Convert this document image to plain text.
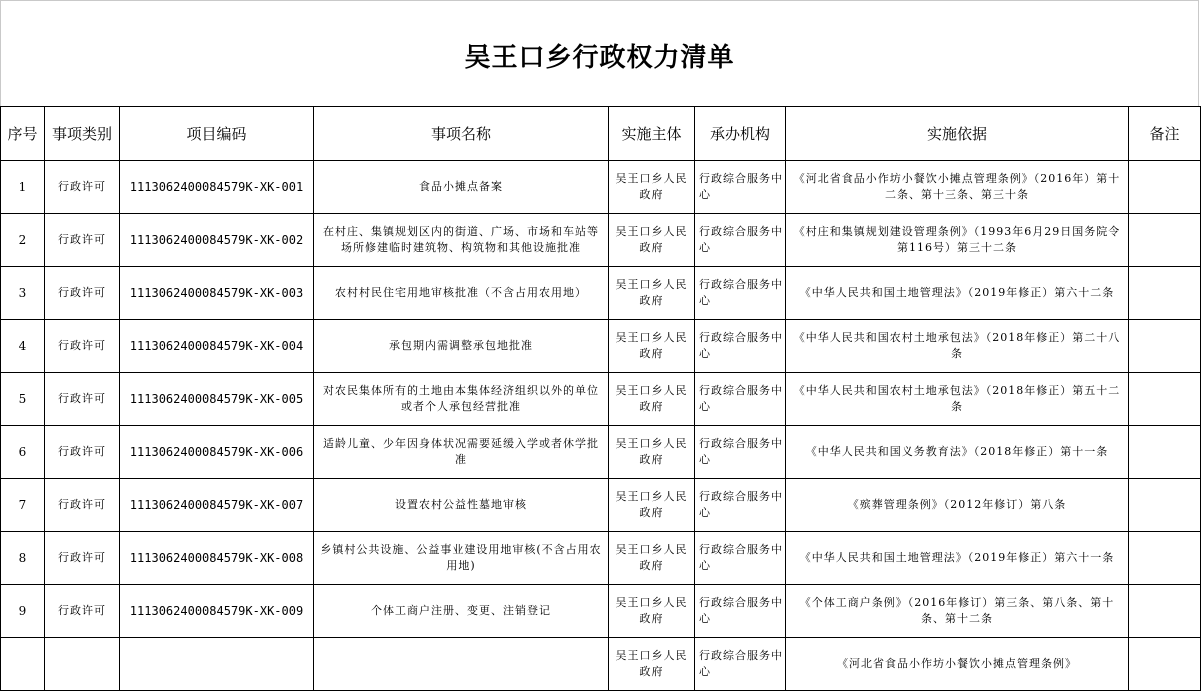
吴王口乡行政权力清单
序号	事项类别	项目编码	事项名称	实施主体	承办机构	实施依据	备注
1	行政许可	1113062400084579K-XK-001	食品小摊点备案	吴王口乡人民政府	行政综合服务中心	《河北省食品小作坊小餐饮小摊点管理条例》（2016年）第十二条、第十三条、第三十条	
2	行政许可	1113062400084579K-XK-002	在村庄、集镇规划区内的街道、广场、市场和车站等场所修建临时建筑物、构筑物和其他设施批准	吴王口乡人民政府	行政综合服务中心	《村庄和集镇规划建设管理条例》（1993年6月29日国务院令第116号）第三十二条	
3	行政许可	1113062400084579K-XK-003	农村村民住宅用地审核批准（不含占用农用地）	吴王口乡人民政府	行政综合服务中心	《中华人民共和国土地管理法》（2019年修正）第六十二条	
4	行政许可	1113062400084579K-XK-004	承包期内需调整承包地批准	吴王口乡人民政府	行政综合服务中心	《中华人民共和国农村土地承包法》（2018年修正）第二十八条	
5	行政许可	1113062400084579K-XK-005	对农民集体所有的土地由本集体经济组织以外的单位或者个人承包经营批准	吴王口乡人民政府	行政综合服务中心	《中华人民共和国农村土地承包法》（2018年修正）第五十二条	
6	行政许可	1113062400084579K-XK-006	适龄儿童、少年因身体状况需要延缓入学或者休学批准	吴王口乡人民政府	行政综合服务中心	《中华人民共和国义务教育法》（2018年修正）第十一条	
7	行政许可	1113062400084579K-XK-007	设置农村公益性墓地审核	吴王口乡人民政府	行政综合服务中心	《殡葬管理条例》（2012年修订）第八条	
8	行政许可	1113062400084579K-XK-008	乡镇村公共设施、公益事业建设用地审核(不含占用农用地)	吴王口乡人民政府	行政综合服务中心	《中华人民共和国土地管理法》（2019年修正）第六十一条	
9	行政许可	1113062400084579K-XK-009	个体工商户注册、变更、注销登记	吴王口乡人民政府	行政综合服务中心	《个体工商户条例》（2016年修订）第三条、第八条、第十条、第十二条	
				吴王口乡人民政府	行政综合服务中心	《河北省食品小作坊小餐饮小摊点管理条例》	
